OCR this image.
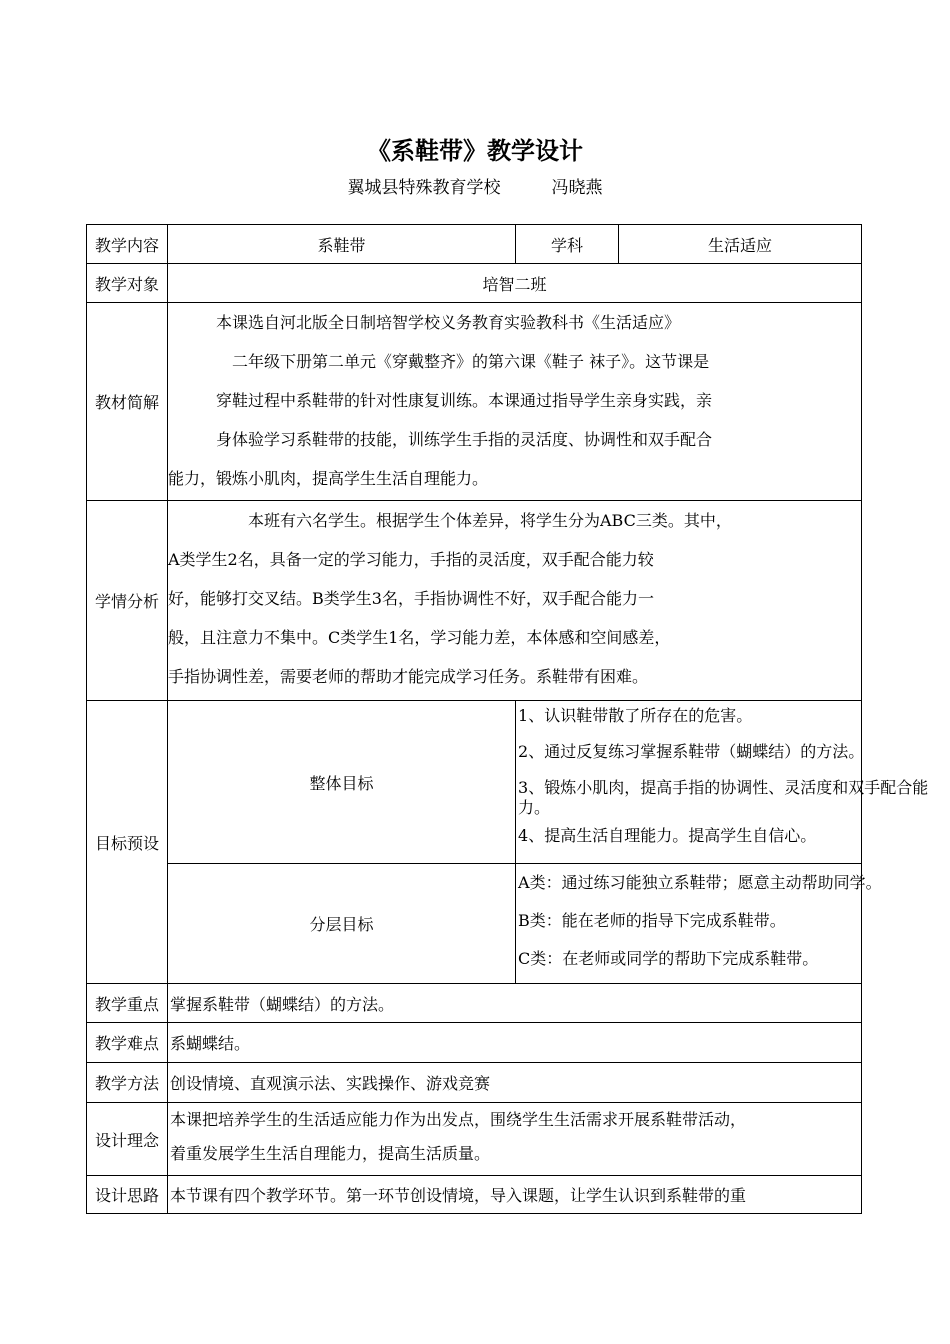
《系鞋带》教学设计
翼城县特殊教育学校　　　冯晓燕
教学内容	系鞋带	学科	生活适应
教学对象	培智二班		
教材简解	　　　本课选自河北版全日制培智学校义务教育实验教科书《生活适应》
　　　　二年级下册第二单元《穿戴整齐》的第六课《鞋子 袜子》。这节课是
　　　穿鞋过程中系鞋带的针对性康复训练。本课通过指导学生亲身实践，亲
　　　身体验学习系鞋带的技能，训练学生手指的灵活度、协调性和双手配合
能力，锻炼小肌肉，提高学生生活自理能力。		

学情分析	　　　　　本班有六名学生。根据学生个体差异，将学生分为ABC三类。其中，
A类学生2名，具备一定的学习能力，手指的灵活度，双手配合能力较
好，能够打交叉结。B类学生3名，手指协调性不好，双手配合能力一
般，且注意力不集中。C类学生1名，学习能力差，本体感和空间感差，
手指协调性差，需要老师的帮助才能完成学习任务。系鞋带有困难。		

目标预设	整体目标	1、认识鞋带散了所存在的危害。
2、通过反复练习掌握系鞋带（蝴蝶结）的方法。
3、锻炼小肌肉，提高手指的协调性、灵活度和双手配合能
力。
4、提高生活自理能力。提高学生自信心。	

	分层目标	A类：通过练习能独立系鞋带；愿意主动帮助同学。
B类：能在老师的指导下完成系鞋带。
C类：在老师或同学的帮助下完成系鞋带。	

教学重点	掌握系鞋带（蝴蝶结）的方法。		
教学难点	系蝴蝶结。		
教学方法	创设情境、直观演示法、实践操作、游戏竞赛		
设计理念	本课把培养学生的生活适应能力作为出发点，围绕学生生活需求开展系鞋带活动，
着重发展学生生活自理能力，提高生活质量。		

设计思路	本节课有四个教学环节。第一环节创设情境，导入课题，让学生认识到系鞋带的重		
